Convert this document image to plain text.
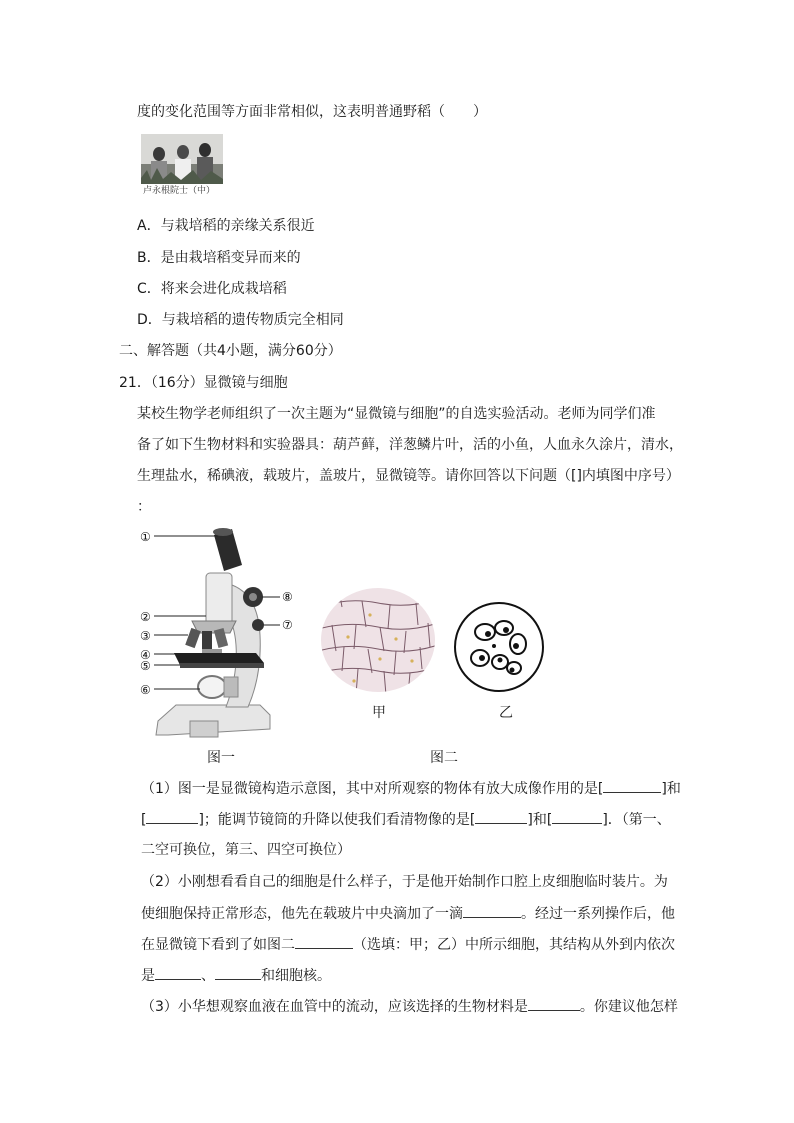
度的变化范围等方面非常相似，这表明普通野稻（　　）
卢永根院士（中）
A．与栽培稻的亲缘关系很近
B．是由栽培稻变异而来的
C．将来会进化成栽培稻
D．与栽培稻的遗传物质完全相同
二、解答题（共4小题，满分60分）
21．（16分）显微镜与细胞
某校生物学老师组织了一次主题为“显微镜与细胞”的自选实验活动。老师为同学们准
备了如下生物材料和实验器具：葫芦藓，洋葱鳞片叶，活的小鱼，人血永久涂片，清水，
生理盐水，稀碘液，载玻片，盖玻片，显微镜等。请你回答以下问题（[]内填图中序号）
：
①
②
③
④
⑤
⑥
⑦
⑧
甲	乙
图一	图二
（1）图一是显微镜构造示意图，其中对所观察的物体有放大成像作用的是[	]和
[	]；能调节镜筒的升降以使我们看清物像的是[	]和[	]．（第一、
二空可换位，第三、四空可换位）
（2）小刚想看看自己的细胞是什么样子，于是他开始制作口腔上皮细胞临时装片。为
使细胞保持正常形态，他先在载玻片中央滴加了一滴	。经过一系列操作后，他
在显微镜下看到了如图二	（选填：甲；乙）中所示细胞，其结构从外到内依次
是	、	和细胞核。
（3）小华想观察血液在血管中的流动，应该选择的生物材料是	。你建议他怎样
